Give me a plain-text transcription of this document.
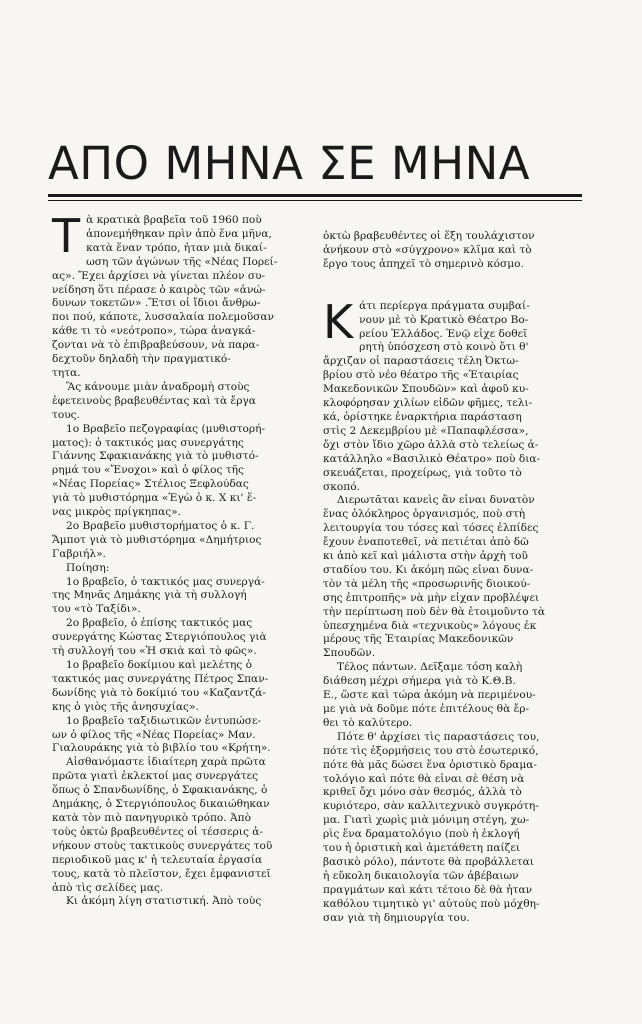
ΑΠΟ ΜΗΝΑ ΣΕ ΜΗΝΑ
Τ ὰ κρατικὰ βραβεῖα τοῦ 1960 ποὺ
ἀπονεμήθηκαν πρὶν ἀπὸ ἕνα μῆνα,
κατὰ ἕναν τρόπο, ἦταν μιὰ δικαί-
ωση τῶν ἀγώνων τῆς «Νέας Πορεί-
ας». Ἔχει ἀρχίσει νὰ γίνεται πλέον συ-
νείδηση ὅτι πέρασε ὁ καιρὸς τῶν «ἀνώ-
δυνων τοκετῶν» .Ἔτσι οἱ ἴδιοι ἄνθρω-
ποι πού, κάποτε, λυσσαλαία πολεμοῦσαν
κάθε τι τὸ «νεότροπο», τώρα ἀναγκά-
ζονται νὰ τὸ ἐπιβραβεύσουν, νὰ παρα-
δεχτοῦν δηλαδὴ τὴν πραγματικό-
τητα.
Ἂς κάνουμε μιὰν ἀναδρομὴ στοὺς
ἐφετεινοὺς βραβευθέντας καὶ τὰ ἔργα
τους.
1ο Βραβεῖο πεζογραφίας (μυθιστορή-
ματος): ὁ τακτικός μας συνεργάτης
Γιάννης Σφακιανάκης γιὰ τὸ μυθιστό-
ρημά του «Ἔνοχοι» καὶ ὁ φίλος τῆς
«Νέας Πορείας» Στέλιος Ξεφλούδας
γιὰ τὸ μυθιστόρημα «Ἐγὼ ὁ κ. Χ κι' ἕ-
νας μικρὸς πρίγκηπας».
2ο Βραβεῖο μυθιστορήματος ὁ κ. Γ.
Ἄμποτ γιὰ τὸ μυθιστόρημα «Δημήτριος
Γαβριήλ».
Ποίηση:
1ο βραβεῖο, ὁ τακτικός μας συνεργά-
της Μηνᾶς Δημάκης γιὰ τὴ συλλογή
του «τὸ Ταξίδι».
2ο βραβεῖο, ὁ ἐπίσης τακτικός μας
συνεργάτης Κώστας Στεργιόπουλος γιὰ
τὴ συλλογή του «Ἡ σκιὰ καὶ τὸ φῶς».
1ο βραβεῖο δοκίμιου καὶ μελέτης ὁ
τακτικός μας συνεργάτης Πέτρος Σπαν-
δωνίδης γιὰ τὸ δοκίμιό του «Καζαντζά-
κης ὁ γιὸς τῆς ἀνησυχίας».
1ο βραβεῖο ταξιδιωτικῶν ἐντυπώσε-
ων ὁ φίλος τῆς «Νέας Πορείας» Μαν.
Γιαλουράκης γιὰ τὸ βιβλίο του «Κρήτη».
Αἰσθανόμαστε ἰδιαίτερη χαρὰ πρῶτα
πρῶτα γιατὶ ἐκλεκτοί μας συνεργάτες
ὅπως ὁ Σπανδωνίδης, ὁ Σφακιανάκης, ὁ
Δημάκης, ὁ Στεργιόπουλος δικαιώθηκαν
κατὰ τὸν πιὸ πανηγυρικὸ τρόπο. Ἀπὸ
τοὺς ὀκτὼ βραβευθέντες οἱ τέσσερις ἀ-
νήκουν στοὺς τακτικοὺς συνεργάτες τοῦ
περιοδικοῦ μας κ' ἡ τελευταία ἐργασία
τους, κατὰ τὸ πλεῖστον, ἔχει ἐμφανιστεῖ
ἀπὸ τὶς σελίδες μας.
Κι ἀκόμη λίγη στατιστική. Ἀπὸ τοὺς
ὀκτὼ βραβευθέντες οἱ ἕξη τουλάχιστον
ἀνήκουν στὸ «σύγχρονο» κλῖμα καὶ τὸ
ἔργο τους ἀπηχεῖ τὸ σημερινὸ κόσμο.
Κ άτι περίεργα πράγματα συμβαί-
νουν μὲ τὸ Κρατικὸ Θέατρο Βο-
ρείου Ἑλλάδος. Ἐνῷ εἶχε δοθεῖ
ρητὴ ὑπόσχεση στὸ κοινὸ ὅτι θ'
ἄρχιζαν οἱ παραστάσεις τέλη Ὀκτω-
βρίου στὸ νέο θέατρο τῆς «Ἑταιρίας
Μακεδονικῶν Σπουδῶν» καὶ ἀφοῦ κυ-
κλοφόρησαν χιλίων εἰδῶν φῆμες, τελι-
κά, ὁρίστηκε ἐναρκτήρια παράσταση
στὶς 2 Δεκεμβρίου μὲ «Παπαφλέσσα»,
ὄχι στὸν ἴδιο χῶρο ἀλλὰ στὸ τελείως ἀ-
κατάλληλο «Βασιλικὸ Θέατρο» ποὺ δια-
σκευάζεται, προχείρως, γιὰ τοῦτο τὸ
σκοπό.
Διερωτᾶται κανεὶς ἂν εἶναι δυνατὸν
ἕνας ὁλόκληρος ὀργανισμός, ποὺ στὴ
λειτουργία του τόσες καὶ τόσες ἐλπίδες
ἔχουν ἐναποτεθεῖ, νὰ πετιέται ἀπὸ δῶ
κι ἀπὸ κεῖ καὶ μάλιστα στὴν ἀρχὴ τοῦ
σταδίου του. Κι ἀκόμη πῶς εἶναι δυνα-
τὸν τὰ μέλη τῆς «προσωρινῆς διοικού-
σης ἐπιτροπῆς» νὰ μὴν εἶχαν προβλέψει
τὴν περίπτωση ποὺ δὲν θὰ ἑτοιμοῦντο τὰ
ὑπεσχημένα διὰ «τεχνικοὺς» λόγους ἐκ
μέρους τῆς Ἑταιρίας Μακεδονικῶν
Σπουδῶν.
Τέλος πάντων. Δεῖξαμε τόση καλὴ
διάθεση μέχρι σήμερα γιὰ τὸ Κ.Θ.Β.
Ε., ὥστε καὶ τώρα ἀκόμη νὰ περιμένου-
με γιὰ νὰ δοῦμε πότε ἐπιτέλους θὰ ἔρ-
θει τὸ καλύτερο.
Πότε θ' ἀρχίσει τὶς παραστάσεις του,
πότε τὶς ἐξορμήσεις του στὸ ἐσωτερικό,
πότε θὰ μᾶς δώσει ἕνα ὁριστικὸ δραμα-
τολόγιο καὶ πότε θὰ εἶναι σὲ θέση νὰ
κριθεῖ ὄχι μόνο σὰν θεσμός, ἀλλὰ τὸ
κυριότερο, σὰν καλλιτεχνικὸ συγκρότη-
μα. Γιατὶ χωρὶς μιὰ μόνιμη στέγη, χω-
ρὶς ἕνα δραματολόγιο (ποὺ ἡ ἐκλογή
του ἡ ὁριστικὴ καὶ ἀμετάθετη παίζει
βασικὸ ρόλο), πάντοτε θὰ προβάλλεται
ἡ εὔκολη δικαιολογία τῶν ἀβέβαιων
πραγμάτων καὶ κάτι τέτοιο δὲ θὰ ἦταν
καθόλου τιμητικὸ γι' αὐτοὺς ποὺ μόχθη-
σαν γιὰ τὴ δημιουργία του.
